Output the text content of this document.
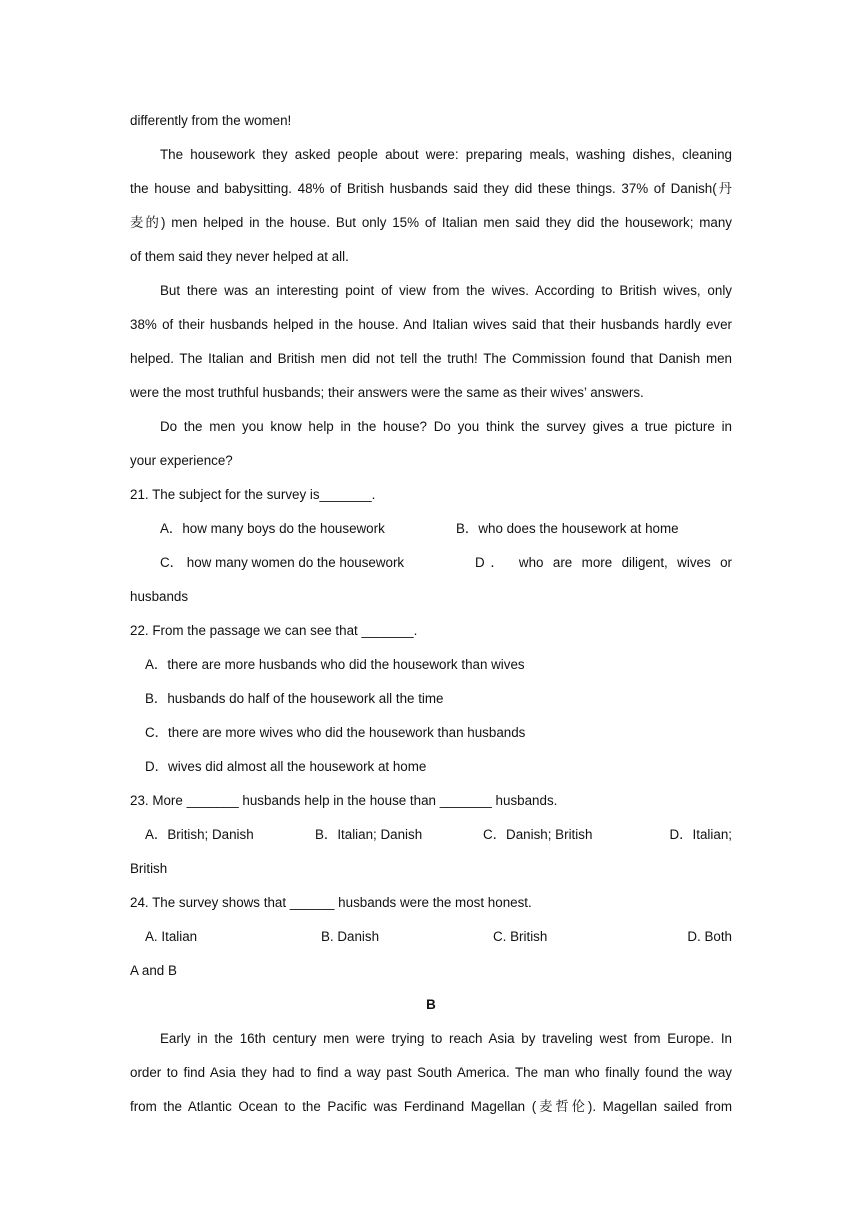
differently from the women!
The housework they asked people about were: preparing meals, washing dishes, cleaning
the house and babysitting. 48% of British husbands said they did these things. 37% of Danish(丹
麦的) men helped in the house. But only 15% of Italian men said they did the housework; many
of them said they never helped at all.
But there was an interesting point of view from the wives. According to British wives, only
38% of their husbands helped in the house. And Italian wives said that their husbands hardly ever
helped. The Italian and British men did not tell the truth! The Commission found that Danish men
were the most truthful husbands; their answers were the same as their wives’ answers.
Do the men you know help in the house? Do you think the survey gives a true picture in
your experience?
21. The subject for the survey is_______.
A．how many boys do the housework	B．who does the housework at home
C． how many women do the housework	D． who are more diligent, wives or
husbands
22. From the passage we can see that _______.
A．there are more husbands who did the housework than wives
B．husbands do half of the housework all the time
C．there are more wives who did the housework than husbands
D．wives did almost all the housework at home
23. More _______ husbands help in the house than _______ husbands.
A．British; Danish	B．Italian; Danish	C．Danish; British	D．Italian;
British
24. The survey shows that ______ husbands were the most honest.
A. Italian	B. Danish	C. British	D. Both
A and B
B
Early in the 16th century men were trying to reach Asia by traveling west from Europe. In
order to find Asia they had to find a way past South America. The man who finally found the way
from the Atlantic Ocean to the Pacific was Ferdinand Magellan (麦哲伦). Magellan sailed from
